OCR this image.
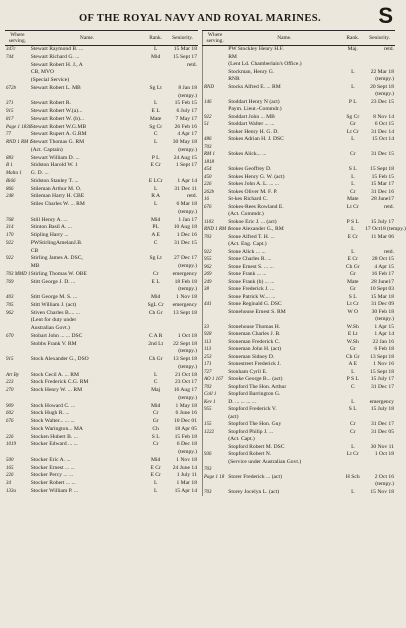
OF THE ROYAL NAVY AND ROYAL MARINES.	S
Where serving.	Name.	Rank.	Seniority.
347c	Stewart Raymond B. ...	L	15 Mar 18
744	Stewart Richard G. ...	Mid	15 Sept 17
	Stewart Robert H. J., A		retd.
	CB, MVO		
	(Special Service)		
672b	Stewart Robert L. MB	Sg Lt	8 Jan 18
			(tempy.)
371	Stewart Robert R.	L	15 Feb 15
915	Stewart Robert W.(a)...	E L	6 July 17
817	Stewart Robert W. (b)...	Mate	7 May 17

Page 1 1836	Stewart Robert W.G.MB	Sg Cr	26 Feb 16

77	Stewart Rupert A. G.RM	C	4 Apr 17
RND 1 RM 1	Stewart Thomas G. RM	L	30 May 18
	(Act. Captain)		(tempy.)
883	Stewart William D. ...	P L	24 Aug 15
B 1	Stidston Harold W. 1	E Cr	1 Sept 17
Malta 1	G. D. ...		
Bi66	Stidston Stanley T. ...	E LCr	1 Apr 14

866	Stileman Arthur M. O.	L	31 Dec 11
248	Stileman Harry H. CBE	R A	retd.
	Stiles Charles W. ... RM	L	6 Mar 18
			(tempy.)
768	Still Henry A. ...	Mid	1 Jan 17
314	Stinton Basil A. ...	PL	10 Aug 18
170	Stipling Harry ...	A E	1 Dec 16

922	PWStirlingAmelanJ.B.	C	31 Dec 15
	CB		
922	Stirling James A. DSC,	Sg Lt	27 Dec 17
	MB		(tempy.)
703 MMD 1	Stirling Thomas W. OBE	Cr	emergency
769	Stitt George J. D. ...	E L	18 Feb 18
			(tempy.)
403	Stitt George M. S. ...	Mid	1 Nov 18
705	Stitt William J. (act)	SgL Cr	emergency
962	Stiven Charles B.... ...	Ch Gr	13 Sept 18
	(Lent for duty under		
	Australian Govt.)		
670	Stobart John ... ... DSC	C A R	1 Oct 18
	Stobbs Frank V. RM	2nd Lt	22 Sept 18
			(tempy.)
915	Stock Alexander G., DSO	Ch Gr	13 Sept 18
			(tempy.)
Art By	Stock Cecil A. ... RM	L	21 Oct 18
223	Stock Frederick C.G. RM	C	23 Oct 17
270	Stock Henry W. ... RM	Maj	16 Aug 17
			(tempy.)
909	Stock Howard C. ...	Mid	1 May 18
602	Stock Hugh R. ...	Cr	6 June 16
676	Stock Walter... ... ...	Gr	10 Dec 01
	Stock Warington... MA	Ch	18 Apr 05
226	Stocken Hubert B. ...	S L	15 Feb 18
1019	Stocker Edward ... ...	Cr	6 Dec 18
			(tempy.)
500	Stocker Eric A. ...	Mid	1 Nov 18
165	Stocker Ernest ... ...	E Cr	24 June 14
226	Stocker Percy ... ...	E Cr	1 July 11
34	Stocker Robert ... ...	L	1 Mar 18
133a	Stocker William P. ...	L	15 Apr 14
Where serving.	Name.	Rank.	Seniority.
	PW Stockley Henry H.F.	Maj.	retd.
	RM		
	(Lent Ld. Chamberlain's Office.)		
	Stockman, Henry G.	L	22 Mar 18
	RNR		(tempy.)
RND	Stocks Alfred E. ... RM	L	20 Sept 18
			(tempy.)
146	Stoddart Henry N (act)	P L	23 Dec 15
	Paym. Lieut.-Commdr.)		
922	Stoddart John ... MB	Sg Cr	8 Nov 14

51	Stoddart Walter ... ...	Gr	6 Oct 15
	Stoker Henry H. G. D.	Lt Cr	31 Dec 14
486	Stokes Adrian H. J. DSC	L	15 Oct 14
703			
RM 1	Stokes Alick... ...	Cr	31 Dec 15
1818			
454	Stokes Geoffrey D.	S L	15 Sept 18
450	Stokes Henry G. W. (act)	L	15 Feb 15
226	Stokes John A. L. ... ...	L	15 Mar 17
262b	Stokes Oliver M. F. P.	Cr	31 Dec 16
16	St-kes Richard C.	Mate	28 June17
676	Stokes-Rees Rowland E.	Lt Cr	retd.
	(Act. Commdr.)		
1103	Stokoe Eric J. ... (act)	P S L	15 July 17
RND 1 RM 1	Stone Alexander G., RM	L	17 Oct18 (tempy.)
703	Stone Alfred T. H. ...	E Cr	11 Mar 06
	(Act. Eng. Capt.)		
922	Stone Alick ... ...	L	retd.
955	Stone Charles R. ...	E Cr	28 Oct 15
962	Stone Ernest S. ... ...	Ch Gr	4 Apr 15
269	Stone Frank ... ...	Gr	16 Feb 17
249	Stone Frank (b) ... ...	Mate	28 June17
38	Stone Frederick J. ...	Gr	10 Sept 03
	Stone Patrick W.... ...	S L	15 Mar 18
441	Stone Reginald G. DSC	Lt Cr	31 Dec 09
	Stonehouse Ernest S. RM	W O	30 Feb 18
			(tempy.)
33	Stonehouse Thomas H.	W.Sh	1 Apr 15
928	Stoneman Charles J. B.	E Lt	1 Apr 14
113	Stoneman Frederick C.	W.Sh	22 Jan 16
113	Stoneman John H. (act)	Gr	6 Feb 18
253	Stoneman Sidney D.	Ch Gr	13 Sept 18
171	Stonestreet Frederick J.	A E	1 Nov 16

727	Stonham Cyril E.	L	15 Sept 18
AO 1 167	Stooke George B... (act)	P S L	15 July 17
703	Stopford The Hon. Arthur	C	31 Dec 17

Coll 1	Stopford Barrington G.		
Kev 1	D. ... ... ... ...	L	emergency
955	Stopford Frederick V.	S L	15 July 18
	(act)		
155	Stopford The Hon. Guy	Cr	31 Dec 17

1222	Stopford Philip J. ...	Cr	31 Dec 05
	(Act. Capt.)		
	Stopford Robert M. DSC	L	30 Nov 11

936	Stopford Robert N.	Lt Cr	1 Oct 18
	(Service under Australian Govt.)		
703			
Page 1 18	Storer Frederick ... (act)	H Sch	2 Oct 16
			(tempy.)
703	Storey Jocelyn L. (act)	L	15 Nov 18
